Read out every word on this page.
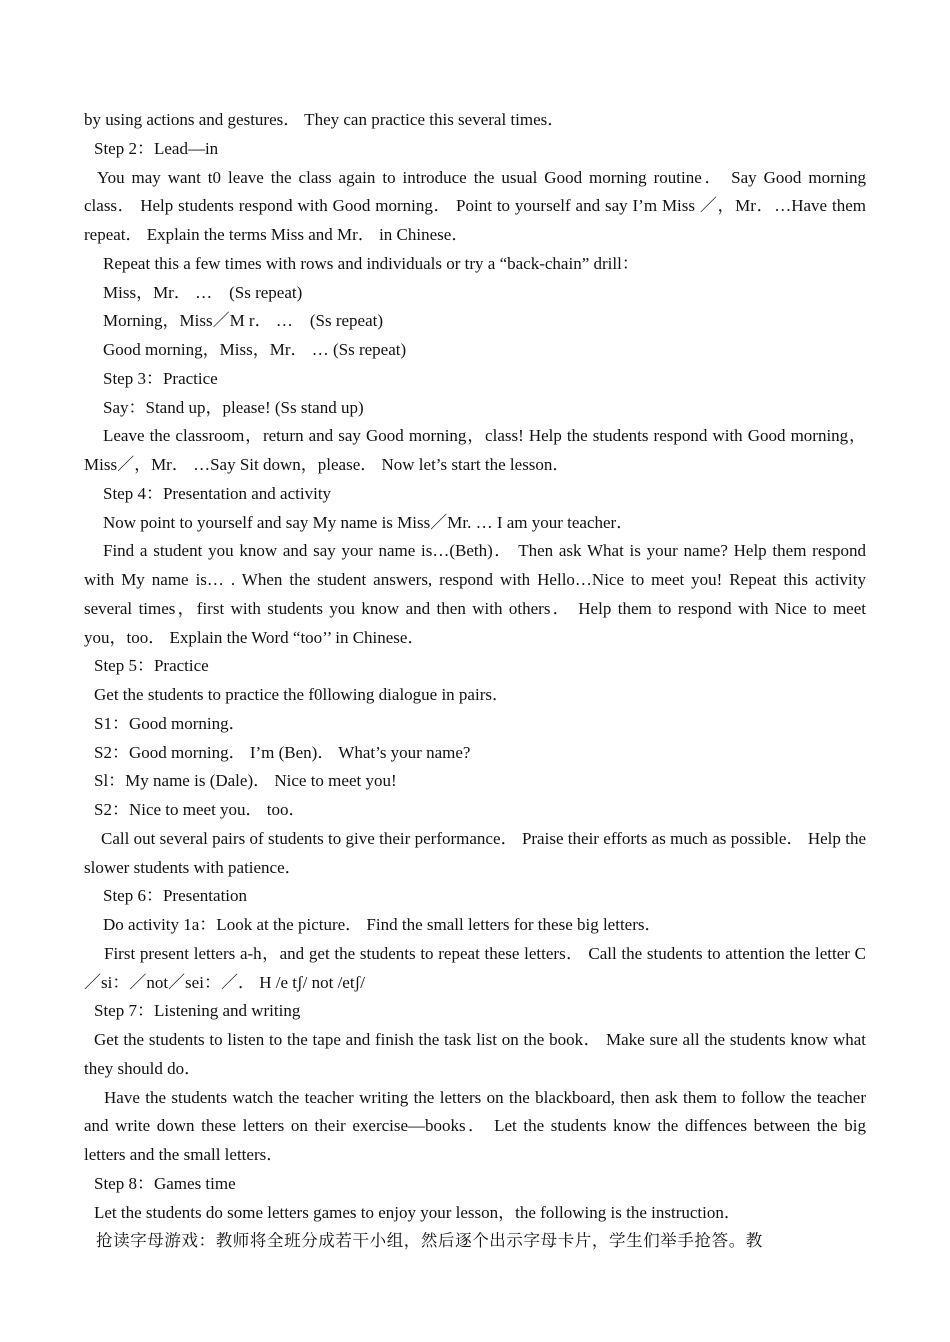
by using actions and gestures． They can practice this several times．

Step 2：Lead—in

You may want t0 leave the class again to introduce the usual Good morning routine． Say Good morning class． Help students respond with Good morning． Point to yourself and say I’m Miss ／，Mr．…Have them repeat． Explain the terms Miss and Mr． in Chinese．

Repeat this a few times with rows and individuals or try a “back-chain” drill：

Miss，Mr． …　(Ss repeat)

Morning，Miss／M r． …　(Ss repeat)

Good morning，Miss，Mr． … (Ss repeat)

Step 3：Practice

Say：Stand up，please! (Ss stand up)

Leave the classroom，return and say Good morning，class! Help the students respond with Good morning，Miss／，Mr． …Say Sit down，please． Now let’s start the lesson．

Step 4：Presentation and activity

Now point to yourself and say My name is Miss／Mr. … I am your teacher．

Find a student you know and say your name is…(Beth)． Then ask What is your name? Help them respond with My name is… . When the student answers, respond with Hello…Nice to meet you! Repeat this activity several times，first with students you know and then with others． Help them to respond with Nice to meet you，too． Explain the Word “too’’ in Chinese．

Step 5：Practice

Get the students to practice the f0llowing dialogue in pairs．

S1：Good morning．

S2：Good morning． I’m (Ben)． What’s your name?

Sl：My name is (Dale)． Nice to meet you!

S2：Nice to meet you． too．

Call out several pairs of students to give their performance． Praise their efforts as much as possible． Help the slower students with patience．

Step 6：Presentation

Do activity 1a：Look at the picture． Find the small letters for these big letters．

First present letters a-h，and get the students to repeat these letters． Call the students to attention the letter C／si：／not／sei：／． H /e tʃ/ not /etʃ/

Step 7：Listening and writing

Get the students to listen to the tape and finish the task list on the book． Make sure all the students know what they should do．

Have the students watch the teacher writing the letters on the blackboard, then ask them to follow the teacher and write down these letters on their exercise—books． Let the students know the diffences between the big letters and the small letters．

Step 8：Games time

Let the students do some letters games to enjoy your lesson，the following is the instruction．

抢读字母游戏：教师将全班分成若干小组，然后逐个出示字母卡片，学生们举手抢答。教
